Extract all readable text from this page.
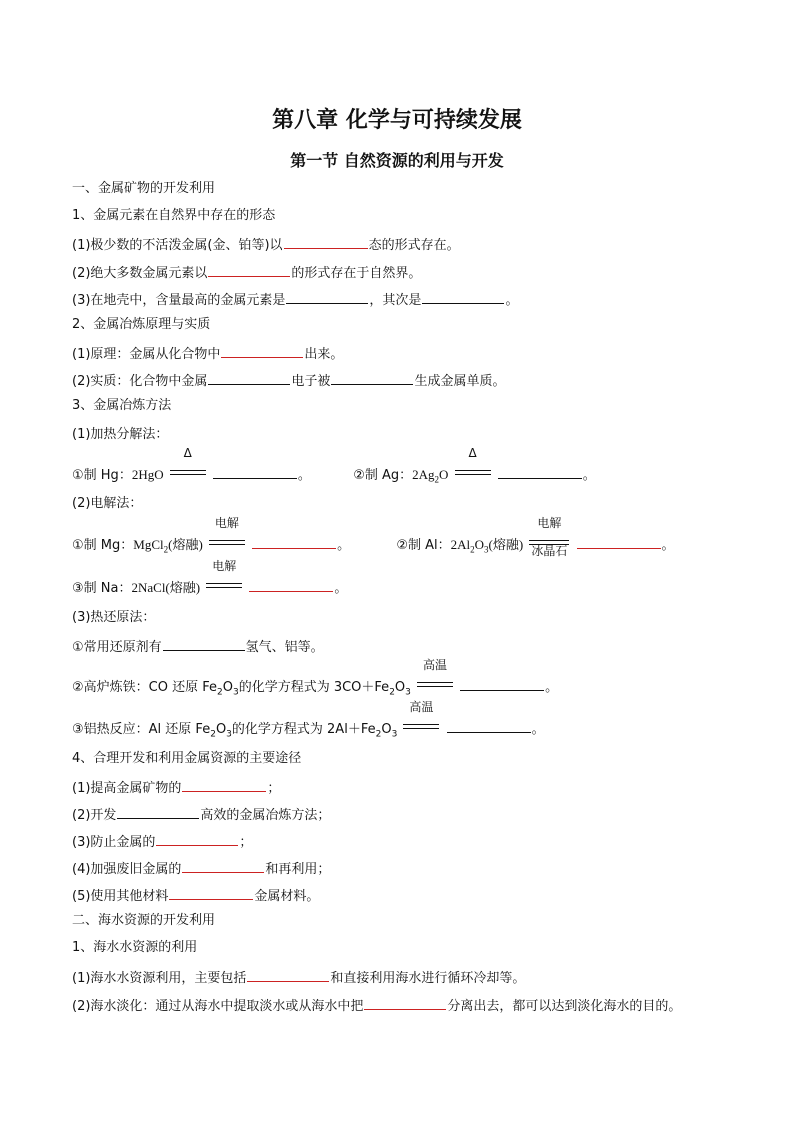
第八章 化学与可持续发展
第一节 自然资源的利用与开发
一、金属矿物的开发利用
1、金属元素在自然界中存在的形态
(1)极少数的不活泼金属(金、铂等)以	态的形式存在。
(2)绝大多数金属元素以	的形式存在于自然界。
(3)在地壳中，含量最高的金属元素是	，其次是	。
2、金属冶炼原理与实质
(1)原理：金属从化合物中	出来。
(2)实质：化合物中金属	电子被	生成金属单质。
3、金属冶炼方法
(1)加热分解法：
①制 Hg：2HgO
Δ
。	②制 Ag：$2Ag_2O$
Δ
。
(2)电解法：
①制 Mg：MgCl$_2$(熔融)
电解
。	②制 Al：$2Al_2O_3$(熔融)
电解
冰晶石	。
③制 Na：2NaCl(熔融)
电解
。
(3)热还原法：
①常用还原剂有	氢气、铝等。
②高炉炼铁：CO 还原 $Fe_2O_3$的化学方程式为 $3CO+Fe_2O_3$
高温
。
③铝热反应：Al 还原 $Fe_2O_3$的化学方程式为 $2Al+Fe_2O_3$
高温
。
4、合理开发和利用金属资源的主要途径
(1)提高金属矿物的	；
(2)开发	高效的金属冶炼方法；
(3)防止金属的	；
(4)加强废旧金属的	和再利用；
(5)使用其他材料	金属材料。
二、海水资源的开发利用
1、海水水资源的利用
(1)海水水资源利用，主要包括	和直接利用海水进行循环冷却等。
(2)海水淡化：通过从海水中提取淡水或从海水中把	分离出去，都可以达到淡化海水的目的。
